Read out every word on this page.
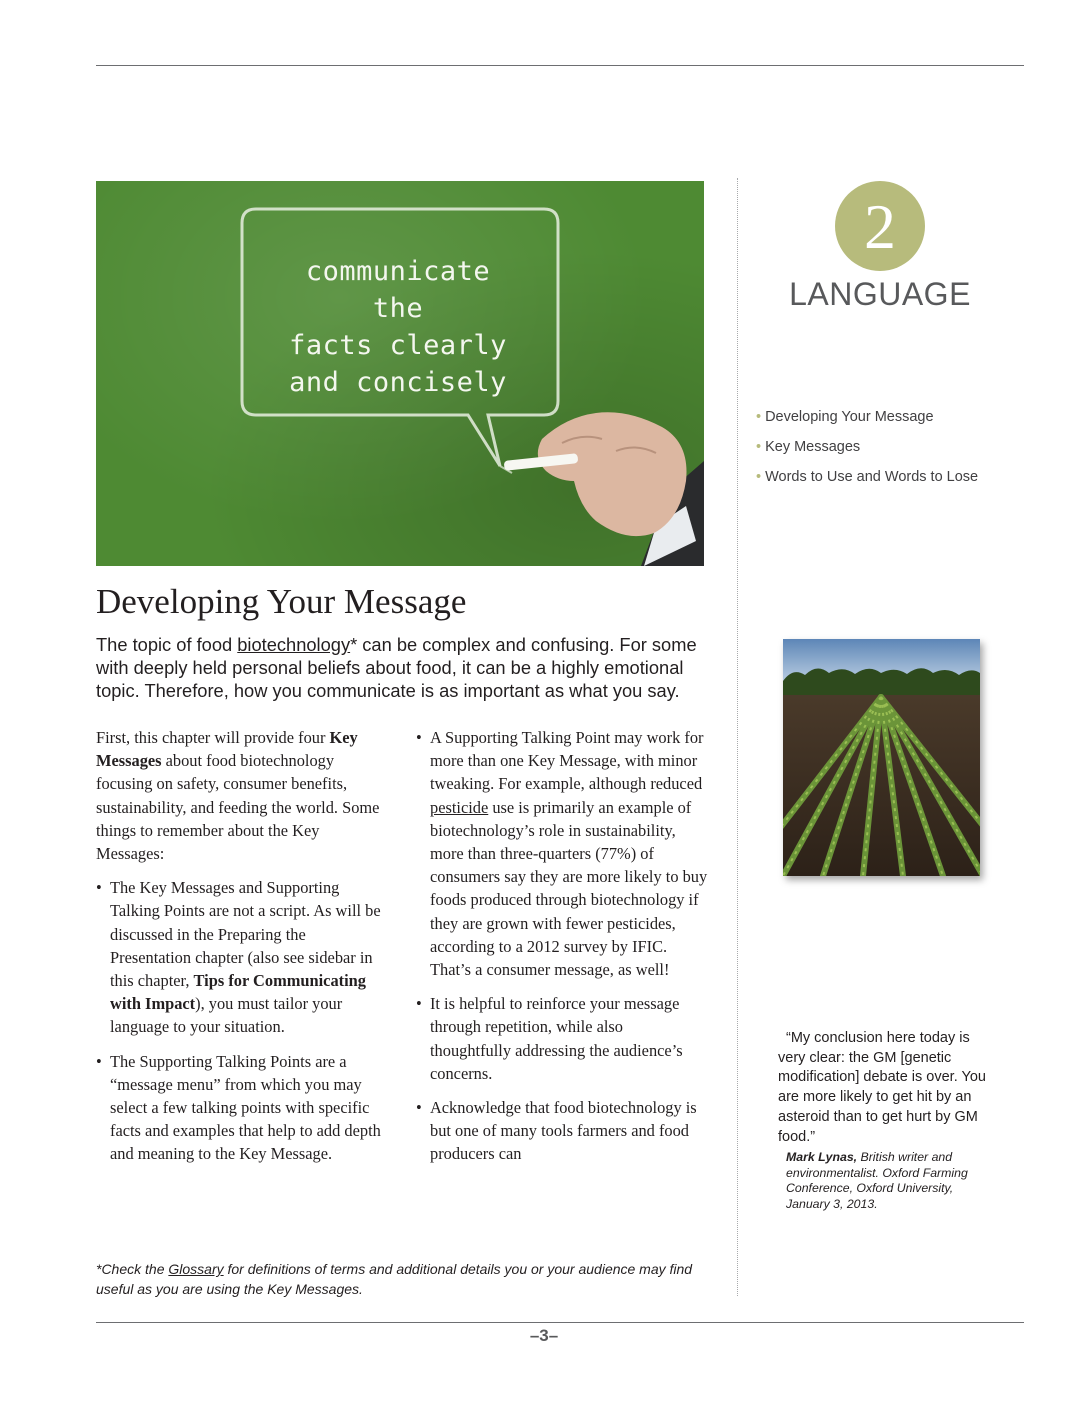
communicate the
facts clearly
and concisely
2
LANGUAGE
• Developing Your Message
• Key Messages
• Words to Use and Words to Lose
Developing Your Message

The topic of food biotechnology* can be complex and confusing. For some with deeply held personal beliefs about food, it can be a highly emotional topic. Therefore, how you communicate is as important as what you say.

First, this chapter will provide four Key Messages about food biotechnology focusing on safety, consumer benefits, sustainability, and feeding the world. Some things to remember about the Key Messages:

•  The Key Messages and Supporting Talking Points are not a script. As will be discussed in the Preparing the Presentation chapter (also see sidebar in this chapter, Tips for Communicating with Impact), you must tailor your language to your situation.

•  The Supporting Talking Points are a “message menu” from which you may select a few talking points with specific facts and examples that help to add depth and meaning to the Key Message.

•  A Supporting Talking Point may work for more than one Key Message, with minor tweaking. For example, although reduced pesticide use is primarily an example of biotechnology’s role in sustainability, more than three-quarters (77%) of consumers say they are more likely to buy foods produced through biotechnology if they are grown with fewer pesticides, according to a 2012 survey by IFIC. That’s a consumer message, as well!

•  It is helpful to reinforce your message through repetition, while also thoughtfully addressing the audience’s concerns.

•  Acknowledge that food biotechnology is but one of many tools farmers and food producers can

“My conclusion here today is very clear: the GM [genetic modification] debate is over. You are more likely to get hit by an asteroid than to get hurt by GM food.”

Mark Lynas, British writer and environmentalist. Oxford Farming Conference, Oxford University, January 3, 2013.
*Check the Glossary for definitions of terms and additional details you or your audience may find useful as you are using the Key Messages.
–3–
